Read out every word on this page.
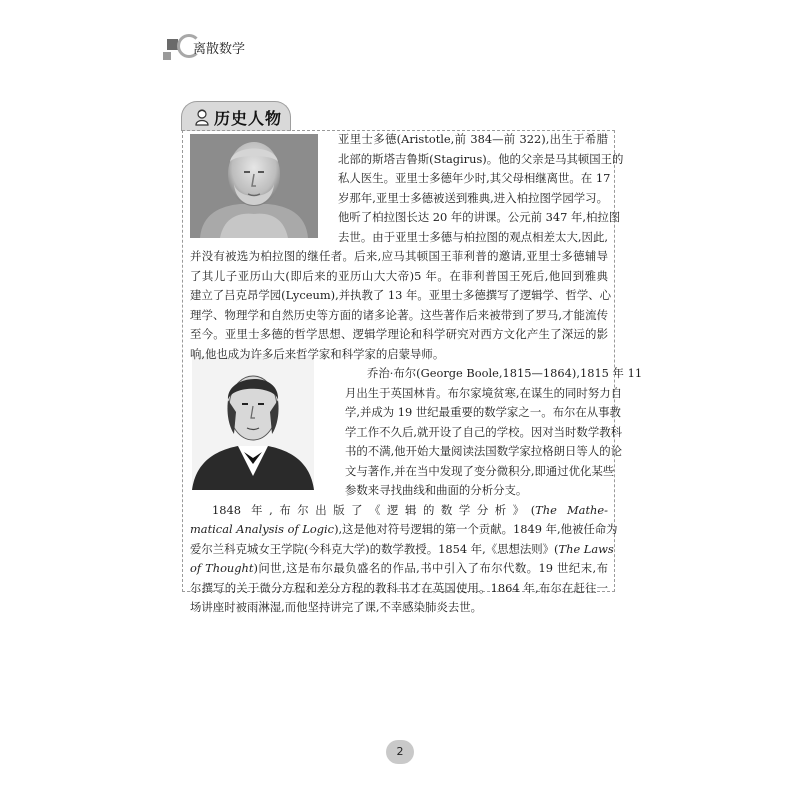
离散数学
历史人物
亚里士多德(Aristotle,前 384—前 322),出生于希腊
北部的斯塔吉鲁斯(Stagirus)。他的父亲是马其顿国王的
私人医生。亚里士多德年少时,其父母相继离世。在 17
岁那年,亚里士多德被送到雅典,进入柏拉图学园学习。
他听了柏拉图长达 20 年的讲课。公元前 347 年,柏拉图
去世。由于亚里士多德与柏拉图的观点相差太大,因此,
并没有被选为柏拉图的继任者。后来,应马其顿国王菲利普的邀请,亚里士多德辅导
了其儿子亚历山大(即后来的亚历山大大帝)5 年。在菲利普国王死后,他回到雅典
建立了吕克昂学园(Lyceum),并执教了 13 年。亚里士多德撰写了逻辑学、哲学、心
理学、物理学和自然历史等方面的诸多论著。这些著作后来被带到了罗马,才能流传
至今。亚里士多德的哲学思想、逻辑学理论和科学研究对西方文化产生了深远的影
响,他也成为许多后来哲学家和科学家的启蒙导师。
乔治·布尔(George Boole,1815—1864),1815 年 11
月出生于英国林肯。布尔家境贫寒,在谋生的同时努力自
学,并成为 19 世纪最重要的数学家之一。布尔在从事教
学工作不久后,就开设了自己的学校。因对当时数学教科
书的不满,他开始大量阅读法国数学家拉格朗日等人的论
文与著作,并在当中发现了变分微积分,即通过优化某些
参数来寻找曲线和曲面的分析分支。
1848 年,布尔出版了《逻辑的数学分析》(The Mathe-
matical Analysis of Logic),这是他对符号逻辑的第一个贡献。1849 年,他被任命为
爱尔兰科克城女王学院(今科克大学)的数学教授。1854 年,《思想法则》(The Laws
of Thought)问世,这是布尔最负盛名的作品,书中引入了布尔代数。19 世纪末,布
尔撰写的关于微分方程和差分方程的教科书才在英国使用。1864 年,布尔在赶往一
场讲座时被雨淋湿,而他坚持讲完了课,不幸感染肺炎去世。
2
